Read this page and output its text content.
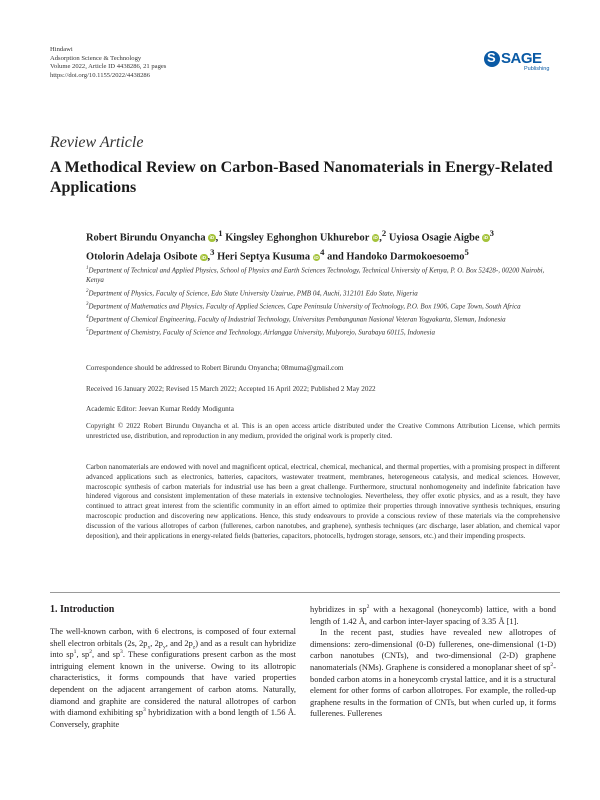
Hindawi
Adsorption Science & Technology
Volume 2022, Article ID 4438286, 21 pages
https://doi.org/10.1155/2022/4438286
S SAGE
Publishing
Review Article
A Methodical Review on Carbon-Based Nanomaterials in Energy-Related Applications
Robert Birundu Onyancha iD,$^1$ Kingsley Eghonghon Ukhurebor iD,$^2$ Uyiosa Osagie Aigbe $iD^3$
Otolorin Adelaja Osibote iD,$^3$ Heri Septya Kusuma $iD^4$ and Handoko Darmokoesoemo$^5$

$^1$Department of Technical and Applied Physics, School of Physics and Earth Sciences Technology, Technical University of Kenya, P. O. Box 52428-, 00200 Nairobi, Kenya

$^2$Department of Physics, Faculty of Science, Edo State University Uzairue, PMB 04, Auchi, 312101 Edo State, Nigeria

$^3$Department of Mathematics and Physics, Faculty of Applied Sciences, Cape Peninsula University of Technology, P.O. Box 1906, Cape Town, South Africa

$^4$Department of Chemical Engineering, Faculty of Industrial Technology, Universitas Pembangunan Nasional Veteran Yogyakarta, Sleman, Indonesia

$^5$Department of Chemistry, Faculty of Science and Technology, Airlangga University, Mulyorejo, Surabaya 60115, Indonesia

Correspondence should be addressed to Robert Birundu Onyancha; 08muma@gmail.com
Received 16 January 2022; Revised 15 March 2022; Accepted 16 April 2022; Published 2 May 2022
Academic Editor: Jeevan Kumar Reddy Modigunta
Copyright © 2022 Robert Birundu Onyancha et al. This is an open access article distributed under the Creative Commons Attribution License, which permits unrestricted use, distribution, and reproduction in any medium, provided the original work is properly cited.
Carbon nanomaterials are endowed with novel and magnificent optical, electrical, chemical, mechanical, and thermal properties, with a promising prospect in different advanced applications such as electronics, batteries, capacitors, wastewater treatment, membranes, heterogeneous catalysis, and medical sciences. However, macroscopic synthesis of carbon materials for industrial use has been a great challenge. Furthermore, structural nonhomogeneity and indefinite fabrication have hindered vigorous and consistent implementation of these materials in extensive technologies. Nevertheless, they offer exotic physics, and as a result, they have continued to attract great interest from the scientific community in an effort aimed to optimize their properties through innovative synthesis techniques, ensuring macroscopic production and discovering new applications. Hence, this study endeavours to provide a conscious review of these materials via the comprehensive discussion of the various allotropes of carbon (fullerenes, carbon nanotubes, and graphene), synthesis techniques (arc discharge, laser ablation, and chemical vapor deposition), and their applications in energy-related fields (batteries, capacitors, photocells, hydrogen storage, sensors, etc.) and their impending prospects.
1. Introduction

The well-known carbon, with 6 electrons, is composed of four external shell electron orbitals (2s, $2p_x$, $2p_y$, and $2p_z$) and as a result can hybridize into $sp^1$, $sp^2$, and $sp^3$. These configurations present carbon as the most intriguing element known in the universe. Owing to its allotropic characteristics, it forms compounds that have varied properties dependent on the adjacent arrangement of carbon atoms. Naturally, diamond and graphite are considered the natural allotropes of carbon with diamond exhibiting $sp^3$ hybridization with a bond length of 1.56 Å. Conversely, graphite

hybridizes in $sp^2$ with a hexagonal (honeycomb) lattice, with a bond length of 1.42 Å, and carbon inter-layer spacing of 3.35 Å [1].

In the recent past, studies have revealed new allotropes of dimensions: zero-dimensional (0-D) fullerenes, one-dimensional (1-D) carbon nanotubes (CNTs), and two-dimensional (2-D) graphene nanomaterials (NMs). Graphene is considered a monoplanar sheet of $sp^2$-bonded carbon atoms in a honeycomb crystal lattice, and it is a structural element for other forms of carbon allotropes. For example, the rolled-up graphene results in the formation of CNTs, but when curled up, it forms fullerenes. Fullerenes
